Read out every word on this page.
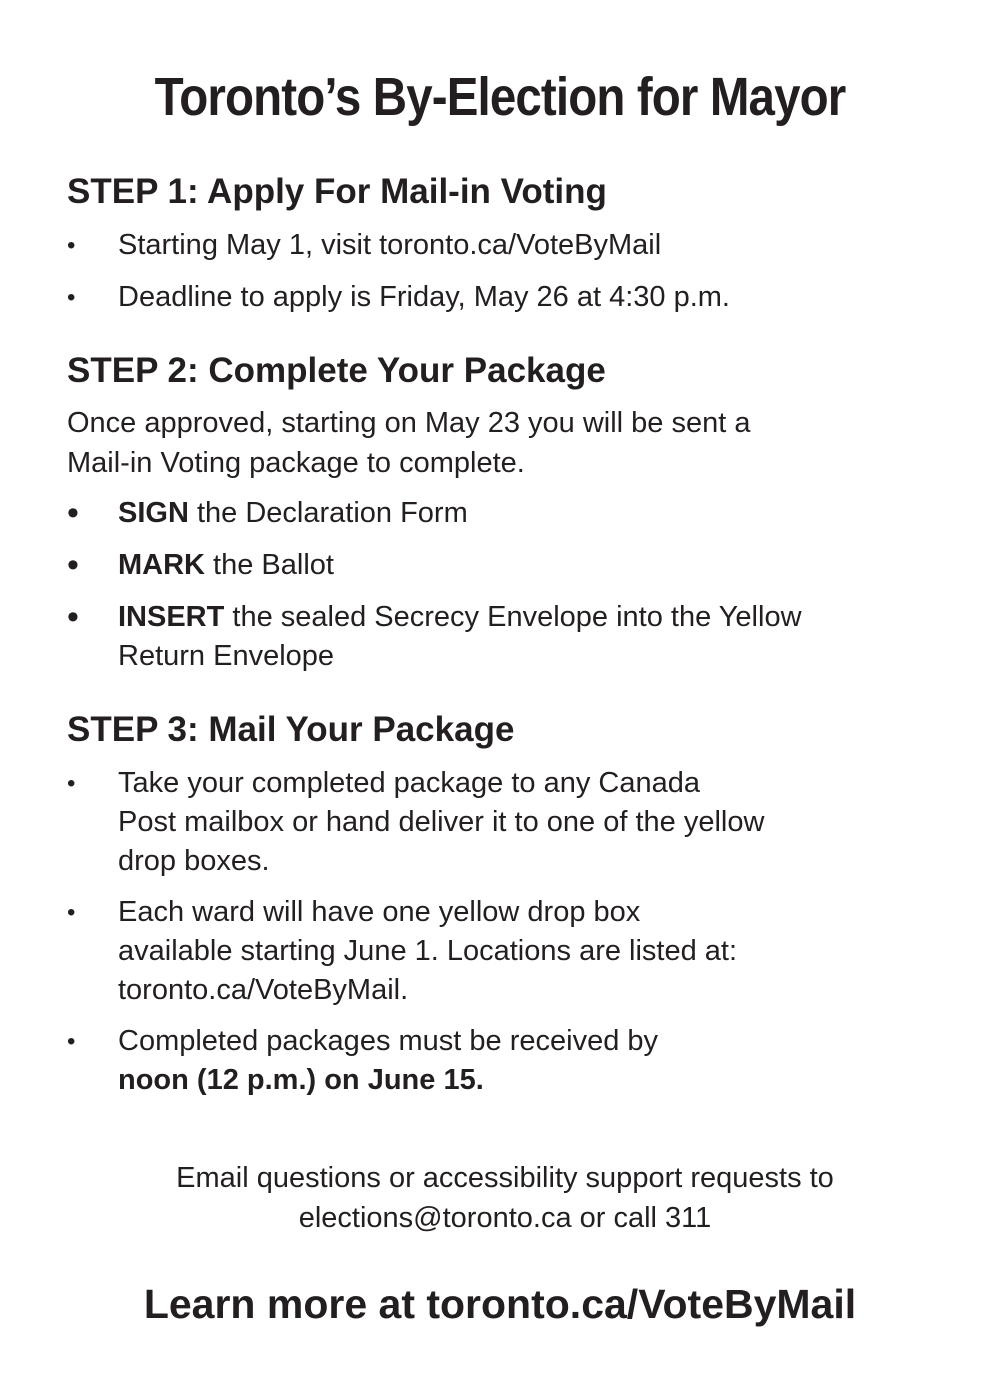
Toronto’s By-Election for Mayor
STEP 1: Apply For Mail-in Voting
•	Starting May 1, visit toronto.ca/VoteByMail
•	Deadline to apply is Friday, May 26 at 4:30 p.m.
STEP 2: Complete Your Package
Once approved, starting on May 23 you will be sent a
Mail-in Voting package to complete.
• SIGN the Declaration Form
• MARK the Ballot
• INSERT the sealed Secrecy Envelope into the Yellow
Return Envelope
STEP 3: Mail Your Package
•	Take your completed package to any Canada
Post mailbox or hand deliver it to one of the yellow
drop boxes.
•	Each ward will have one yellow drop box
available starting June 1. Locations are listed at:
toronto.ca/VoteByMail.
•	Completed packages must be received by
noon (12 p.m.) on June 15.
Email questions or accessibility support requests to
elections@toronto.ca or call 311
Learn more at toronto.ca/VoteByMail
